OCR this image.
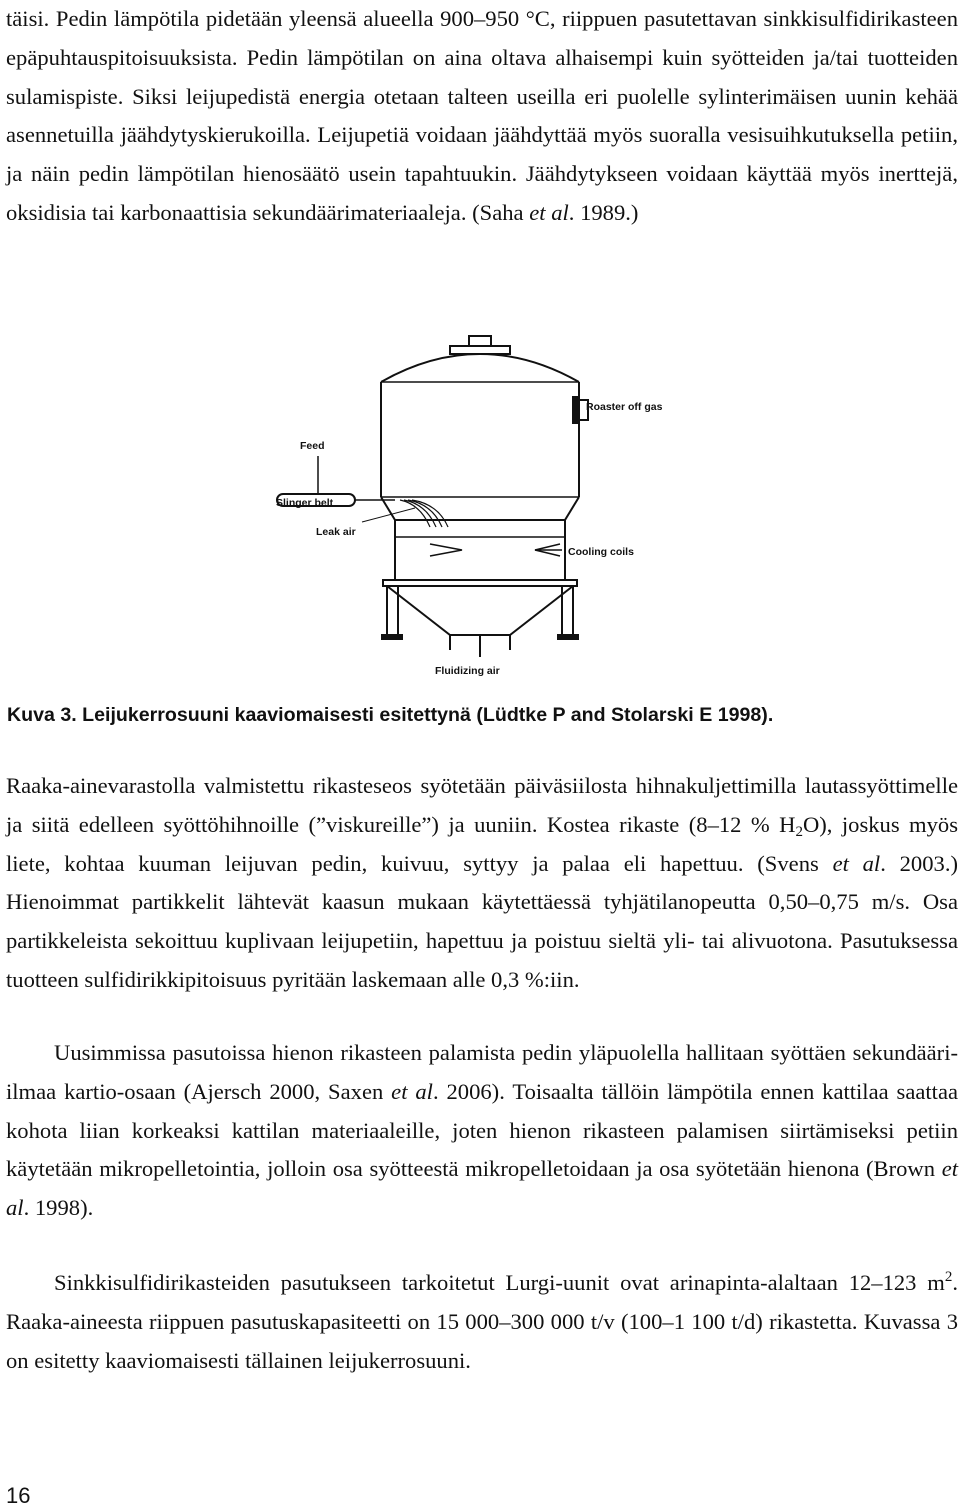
täisi. Pedin lämpötila pidetään yleensä alueella 900–950 °C, riippuen pasutettavan sinkkisulfidirikasteen epäpuhtauspitoisuuksista. Pedin lämpötilan on aina oltava alhaisempi kuin syötteiden ja/tai tuotteiden sulamispiste. Siksi leijupedistä energia otetaan talteen useilla eri puolelle sylinterimäisen uunin kehää asennetuilla jäähdytyskierukoilla. Leijupetiä voidaan jäähdyttää myös suoralla vesisuihkutuksella petiin, ja näin pedin lämpötilan hienosäätö usein tapahtuukin. Jäähdytykseen voidaan käyttää myös inerttejä, oksidisia tai karbonaattisia sekundäärimateriaaleja. (Saha et al. 1989.)

Roaster off gas
Feed
Slinger belt
Leak air
Cooling coils
Fluidizing air
Kuva 3. Leijukerrosuuni kaaviomaisesti esitettynä (Lüdtke P and Stolarski E 1998).

Raaka-ainevarastolla valmistettu rikasteseos syötetään päiväsiilosta hihnakuljettimilla lautassyöttimelle ja siitä edelleen syöttöhihnoille (”viskureille”) ja uuniin. Kostea rikaste (8–12 % $H_2O$), joskus myös liete, kohtaa kuuman leijuvan pedin, kuivuu, syttyy ja palaa eli hapettuu. (Svens et al. 2003.) Hienoimmat partikkelit lähtevät kaasun mukaan käytettäessä tyhjätilanopeutta 0,50–0,75 m/s. Osa partikkeleista sekoittuu kuplivaan leijupetiin, hapettuu ja poistuu sieltä yli- tai alivuotona. Pasutuksessa tuotteen sulfidirikkipitoisuus pyritään laskemaan alle 0,3 %:iin.

Uusimmissa pasutoissa hienon rikasteen palamista pedin yläpuolella hallitaan syöttäen sekundääri-ilmaa kartio-osaan (Ajersch 2000, Saxen et al. 2006). Toisaalta tällöin lämpötila ennen kattilaa saattaa kohota liian korkeaksi kattilan materiaaleille, joten hienon rikasteen palamisen siirtämiseksi petiin käytetään mikropelletointia, jolloin osa syötteestä mikropelletoidaan ja osa syötetään hienona (Brown et al. 1998).

Sinkkisulfidirikasteiden pasutukseen tarkoitetut Lurgi-uunit ovat arinapinta-alaltaan 12–123 $m^2$. Raaka-aineesta riippuen pasutuskapasiteetti on 15 000–300 000 t/v (100–1 100 t/d) rikastetta. Kuvassa 3 on esitetty kaaviomaisesti tällainen leijukerrosuuni.

16
